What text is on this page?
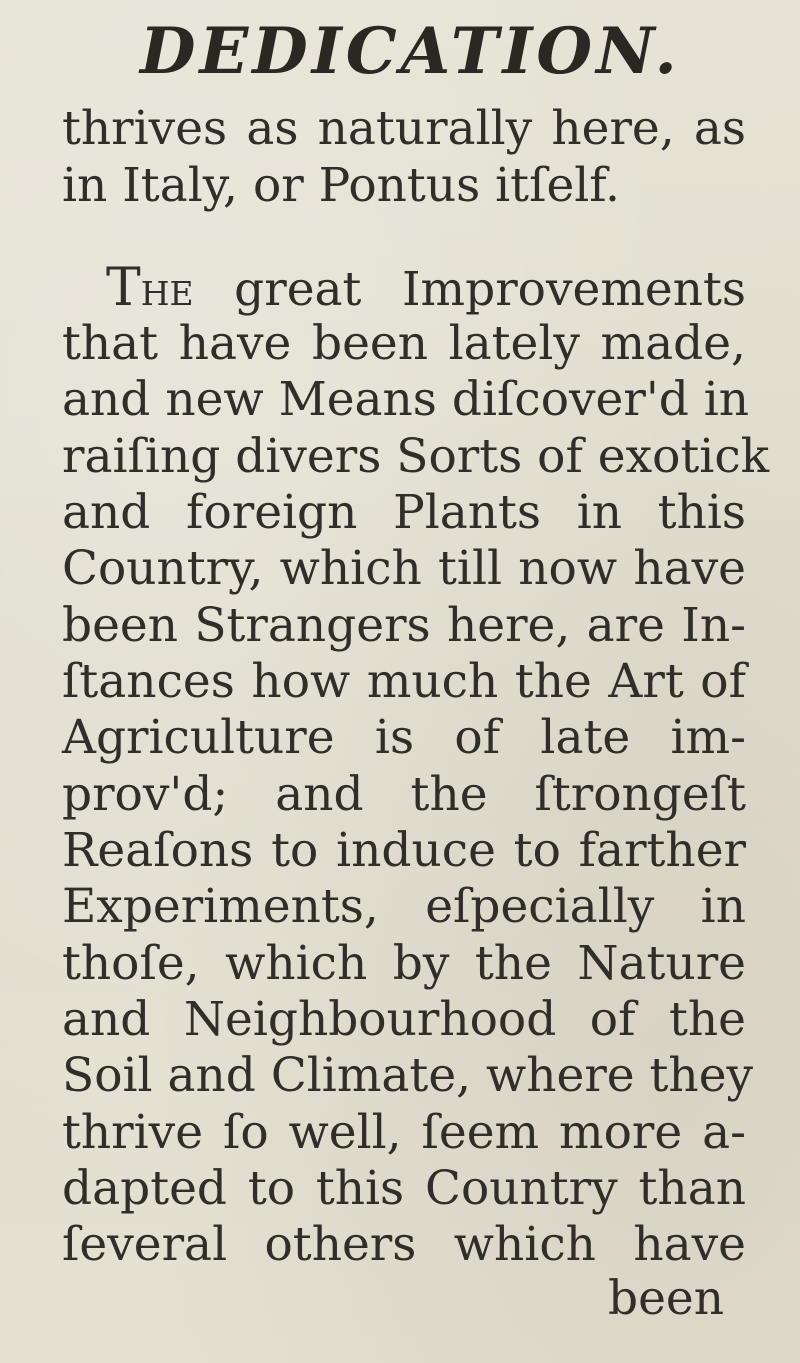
DEDICATION.
thrives as naturally here, as
in Italy, or Pontus itſelf.
The great Improvements
that have been lately made,
and new Means diſcover'd in
raiſing divers Sorts of exotick
and foreign Plants in this
Country, which till now have
been Strangers here, are In-
ſtances how much the Art of
Agriculture is of late im-
prov'd; and the ſtrongeſt
Reaſons to induce to farther
Experiments, eſpecially in
thoſe, which by the Nature
and Neighbourhood of the
Soil and Climate, where they
thrive ſo well, ſeem more a-
dapted to this Country than
ſeveral others which have
been
